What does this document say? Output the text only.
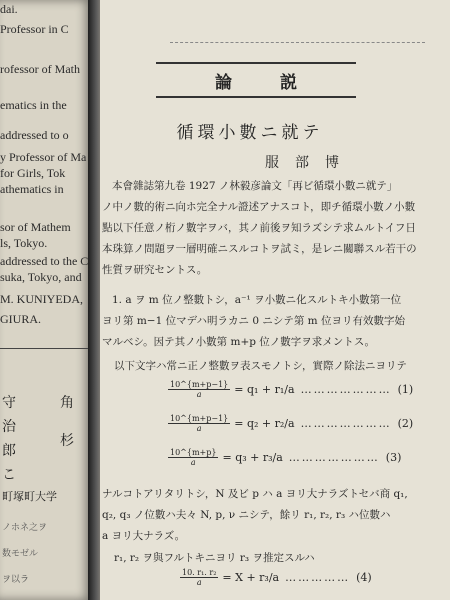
dai.
Professor in C
rofessor of Math
ematics in the
y Professor of Ma
for Girls, Tok
athematics in
sor of Mathem
ls, Tokyo.
addressed to the C
suka, Tokyo, and
M. KUNIYEDA,
GIURA.
addressed to o
守
治
郎
こ
町塚町大学
ノホネ之ヲ
数モゼル
ヲ以ラ
角
杉
論説
循環小數ニ就テ
服部博
本會雜誌第九卷 1927 ノ林毅彦論文「再ビ循環小數ニ就テ」
ノ中ノ數的術ニ向ホ完全ナル證述アナスコト，即チ循環小數ノ小數
點以下任意ノ桁ノ數字ヲバ，其ノ前後ヲ知ラズシテ求ムルトイフ日
本珠算ノ問題ヲ一層明確ニスルコトヲ試ミ，是レニ關聯スル若干の
性質ヲ研究セントス。
1. a ヲ m 位ノ整數トシ，a⁻¹ ヲ小數ニ化スルトキ小數第一位
ヨリ第 m−1 位マデハ明ラカニ 0 ニシテ第 m 位ヨリ有效數字始
マルベシ。因テ其ノ小數第 m+p 位ノ數字ヲ求メントス。
以下文字ハ常ニ正ノ整數ヲ表スモノトシ，實際ノ除法ニヨリテ
$\frac{10\^{}\{m+p-1\}}{a} = q_1 + r_1/a$ ………………… (1)
$\frac{10\^{}\{m+p-1\}}{a} = q_2 + r_2/a$ ………………… (2)
$\frac{10\^{}\{m+p\}}{a} = q_3 + r_3/a$ ………………… (3)
ナルコトアリタリトシ，N 及ビ p ハ a ヨリ大ナラズトセバ商 q₁,
q₂, q₃ ノ位數ハ夫々 N, p, ν ニシテ，餘リ r₁, r₂, r₃ ハ位數ハ
a ヨリ大ナラズ。
r₁, r₂ ヲ與フルトキニヨリ r₃ ヲ推定スルハ
$\frac{\text{10. r₁. r₂}}{a} = X + r_3/a$ …………… (4)
